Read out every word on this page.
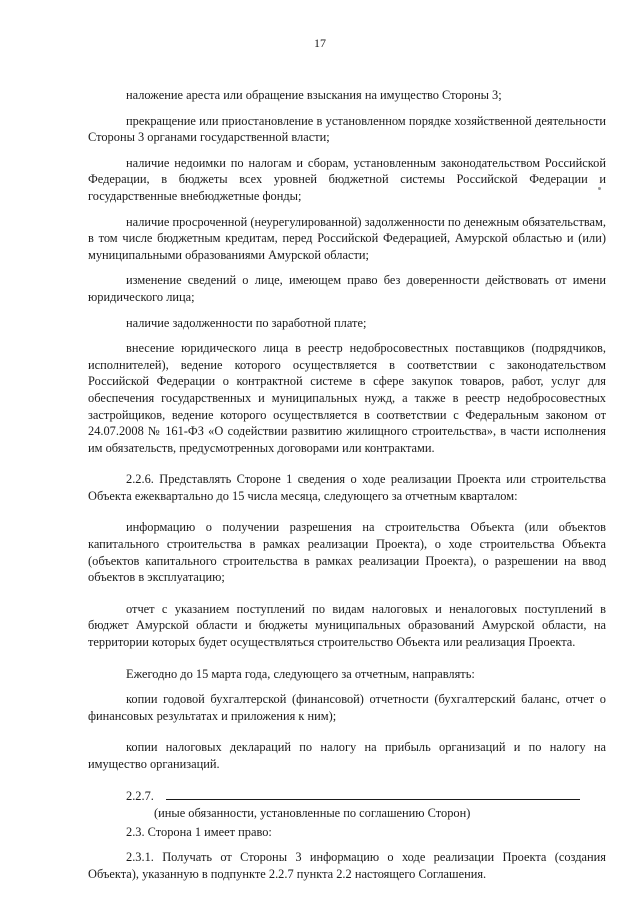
17

наложение ареста или обращение взыскания на имущество Стороны 3;

прекращение или приостановление в установленном порядке хозяйственной деятельности Стороны 3 органами государственной власти;

наличие недоимки по налогам и сборам, установленным законодательством Российской Федерации, в бюджеты всех уровней бюджетной системы Российской Федерации и государственные внебюджетные фонды;

наличие просроченной (неурегулированной) задолженности по денежным обязательствам, в том числе бюджетным кредитам, перед Российской Федерацией, Амурской областью и (или) муниципальными образованиями Амурской области;

изменение сведений о лице, имеющем право без доверенности действовать от имени юридического лица;

наличие задолженности по заработной плате;

внесение юридического лица в реестр недобросовестных поставщиков (подрядчиков, исполнителей), ведение которого осуществляется в соответствии с законодательством Российской Федерации о контрактной системе в сфере закупок товаров, работ, услуг для обеспечения государственных и муниципальных нужд, а также в реестр недобросовестных застройщиков, ведение которого осуществляется в соответствии с Федеральным законом от 24.07.2008 № 161-ФЗ «О содействии развитию жилищного строительства», в части исполнения им обязательств, предусмотренных договорами или контрактами.

2.2.6. Представлять Стороне 1 сведения о ходе реализации Проекта или строительства Объекта ежеквартально до 15 числа месяца, следующего за отчетным кварталом:

информацию о получении разрешения на строительства Объекта (или объектов капитального строительства в рамках реализации Проекта), о ходе строительства Объекта (объектов капитального строительства в рамках реализации Проекта), о разрешении на ввод объектов в эксплуатацию;

отчет с указанием поступлений по видам налоговых и неналоговых поступлений в бюджет Амурской области и бюджеты муниципальных образований Амурской области, на территории которых будет осуществляться строительство Объекта или реализация Проекта.

Ежегодно до 15 марта года, следующего за отчетным, направлять:

копии годовой бухгалтерской (финансовой) отчетности (бухгалтерский баланс, отчет о финансовых результатах и приложения к ним);

копии налоговых деклараций по налогу на прибыль организаций и по налогу на имущество организаций.

2.2.7.
(иные обязанности, установленные по соглашению Сторон)

2.3. Сторона 1 имеет право:

2.3.1. Получать от Стороны 3 информацию о ходе реализации Проекта (создания Объекта), указанную в подпункте 2.2.7 пункта 2.2 настоящего Соглашения.
